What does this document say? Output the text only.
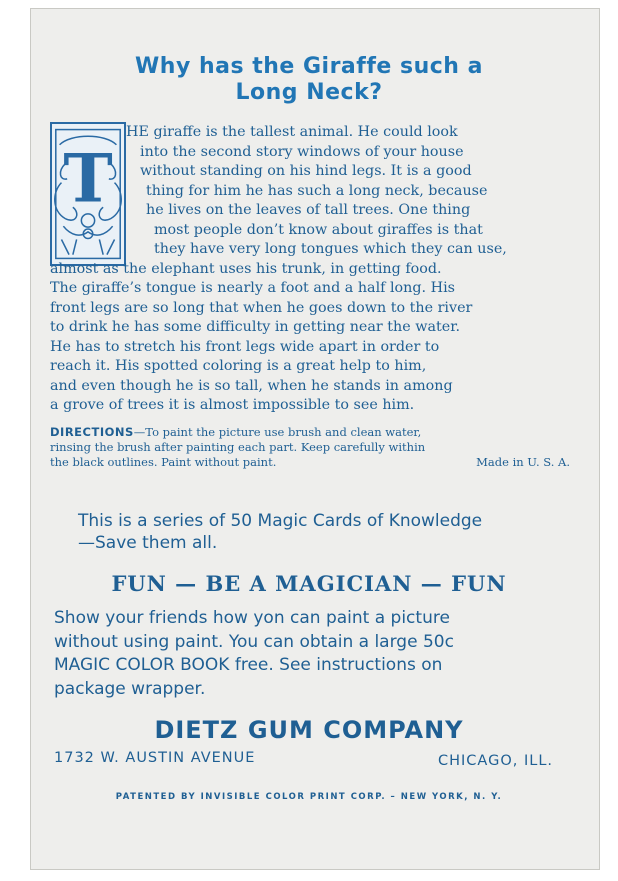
Why has the Giraffe such a
Long Neck?
T
HE giraffe is the tallest animal. He could look
into the second story windows of your house
without standing on his hind legs. It is a good
thing for him he has such a long neck, because
he lives on the leaves of tall trees. One thing
most people don’t know about giraffes is that
they have very long tongues which they can use,
almost as the elephant uses his trunk, in getting food.
The giraffe’s tongue is nearly a foot and a half long. His
front legs are so long that when he goes down to the river
to drink he has some difficulty in getting near the water.
He has to stretch his front legs wide apart in order to
reach it. His spotted coloring is a great help to him,
and even though he is so tall, when he stands in among
a grove of trees it is almost impossible to see him.
DIRECTIONS—To paint the picture use brush and clean water,
rinsing the brush after painting each part. Keep carefully within
the black outlines. Paint without paint.	Made in U. S. A.
This is a series of 50 Magic Cards of Knowledge
—Save them all.
FUN — BE A MAGICIAN — FUN
Show your friends how yon can paint a picture
without using paint. You can obtain a large 50c
MAGIC COLOR BOOK free. See instructions on
package wrapper.
DIETZ GUM COMPANY
1732 W. AUSTIN AVENUE	CHICAGO, ILL.
PATENTED BY INVISIBLE COLOR PRINT CORP. – NEW YORK, N. Y.
